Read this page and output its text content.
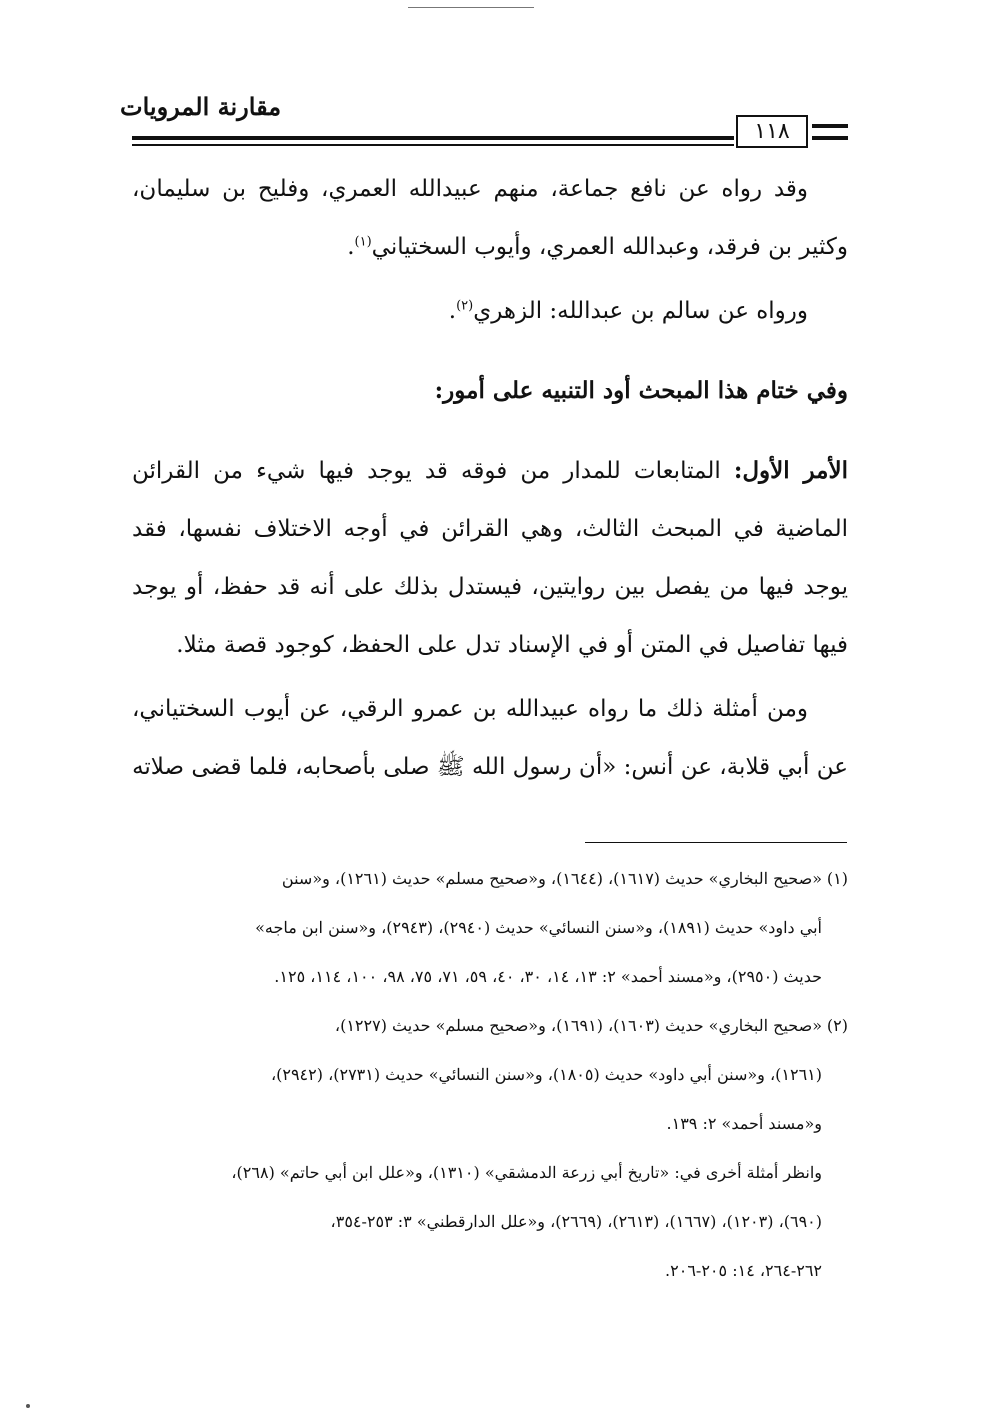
مقارنة المرويات
١١٨

وقد رواه عن نافع جماعة، منهم عبيدالله العمري، وفليح بن سليمان، وكثير بن فرقد، وعبدالله العمري، وأيوب السختياني$^{(١)}$.

ورواه عن سالم بن عبدالله: الزهري$^{(٢)}$.

وفي ختام هذا المبحث أود التنبيه على أمور:

الأمر الأول: المتابعات للمدار من فوقه قد يوجد فيها شيء من القرائن الماضية في المبحث الثالث، وهي القرائن في أوجه الاختلاف نفسها، فقد يوجد فيها من يفصل بين روايتين، فيستدل بذلك على أنه قد حفظ، أو يوجد فيها تفاصيل في المتن أو في الإسناد تدل على الحفظ، كوجود قصة مثلا.

ومن أمثلة ذلك ما رواه عبيدالله بن عمرو الرقي، عن أيوب السختياني، عن أبي قلابة، عن أنس: «أن رسول الله ﷺ صلى بأصحابه، فلما قضى صلاته

(١)«صحيح البخاري» حديث (١٦١٧)، (١٦٤٤)، و«صحيح مسلم» حديث (١٢٦١)، و«سنن

أبي داود» حديث (١٨٩١)، و«سنن النسائي» حديث (٢٩٤٠)، (٢٩٤٣)، و«سنن ابن ماجه»

حديث (٢٩٥٠)، و«مسند أحمد» ٢: ١٣، ١٤، ٣٠، ٤٠، ٥٩، ٧١، ٧٥، ٩٨، ١٠٠، ١١٤، ١٢٥.

(٢)«صحيح البخاري» حديث (١٦٠٣)، (١٦٩١)، و«صحيح مسلم» حديث (١٢٢٧)،

(١٢٦١)، و«سنن أبي داود» حديث (١٨٠٥)، و«سنن النسائي» حديث (٢٧٣١)، (٢٩٤٢)،

و«مسند أحمد» ٢: ١٣٩.

وانظر أمثلة أخرى في: «تاريخ أبي زرعة الدمشقي» (١٣١٠)، و«علل ابن أبي حاتم» (٢٦٨)،

(٦٩٠)، (١٢٠٣)، (١٦٦٧)، (٢٦١٣)، (٢٦٦٩)، و«علل الدارقطني» ٣: ٢٥٣-٣٥٤،

٢٦٢-٢٦٤، ١٤: ٢٠٥-٢٠٦.
